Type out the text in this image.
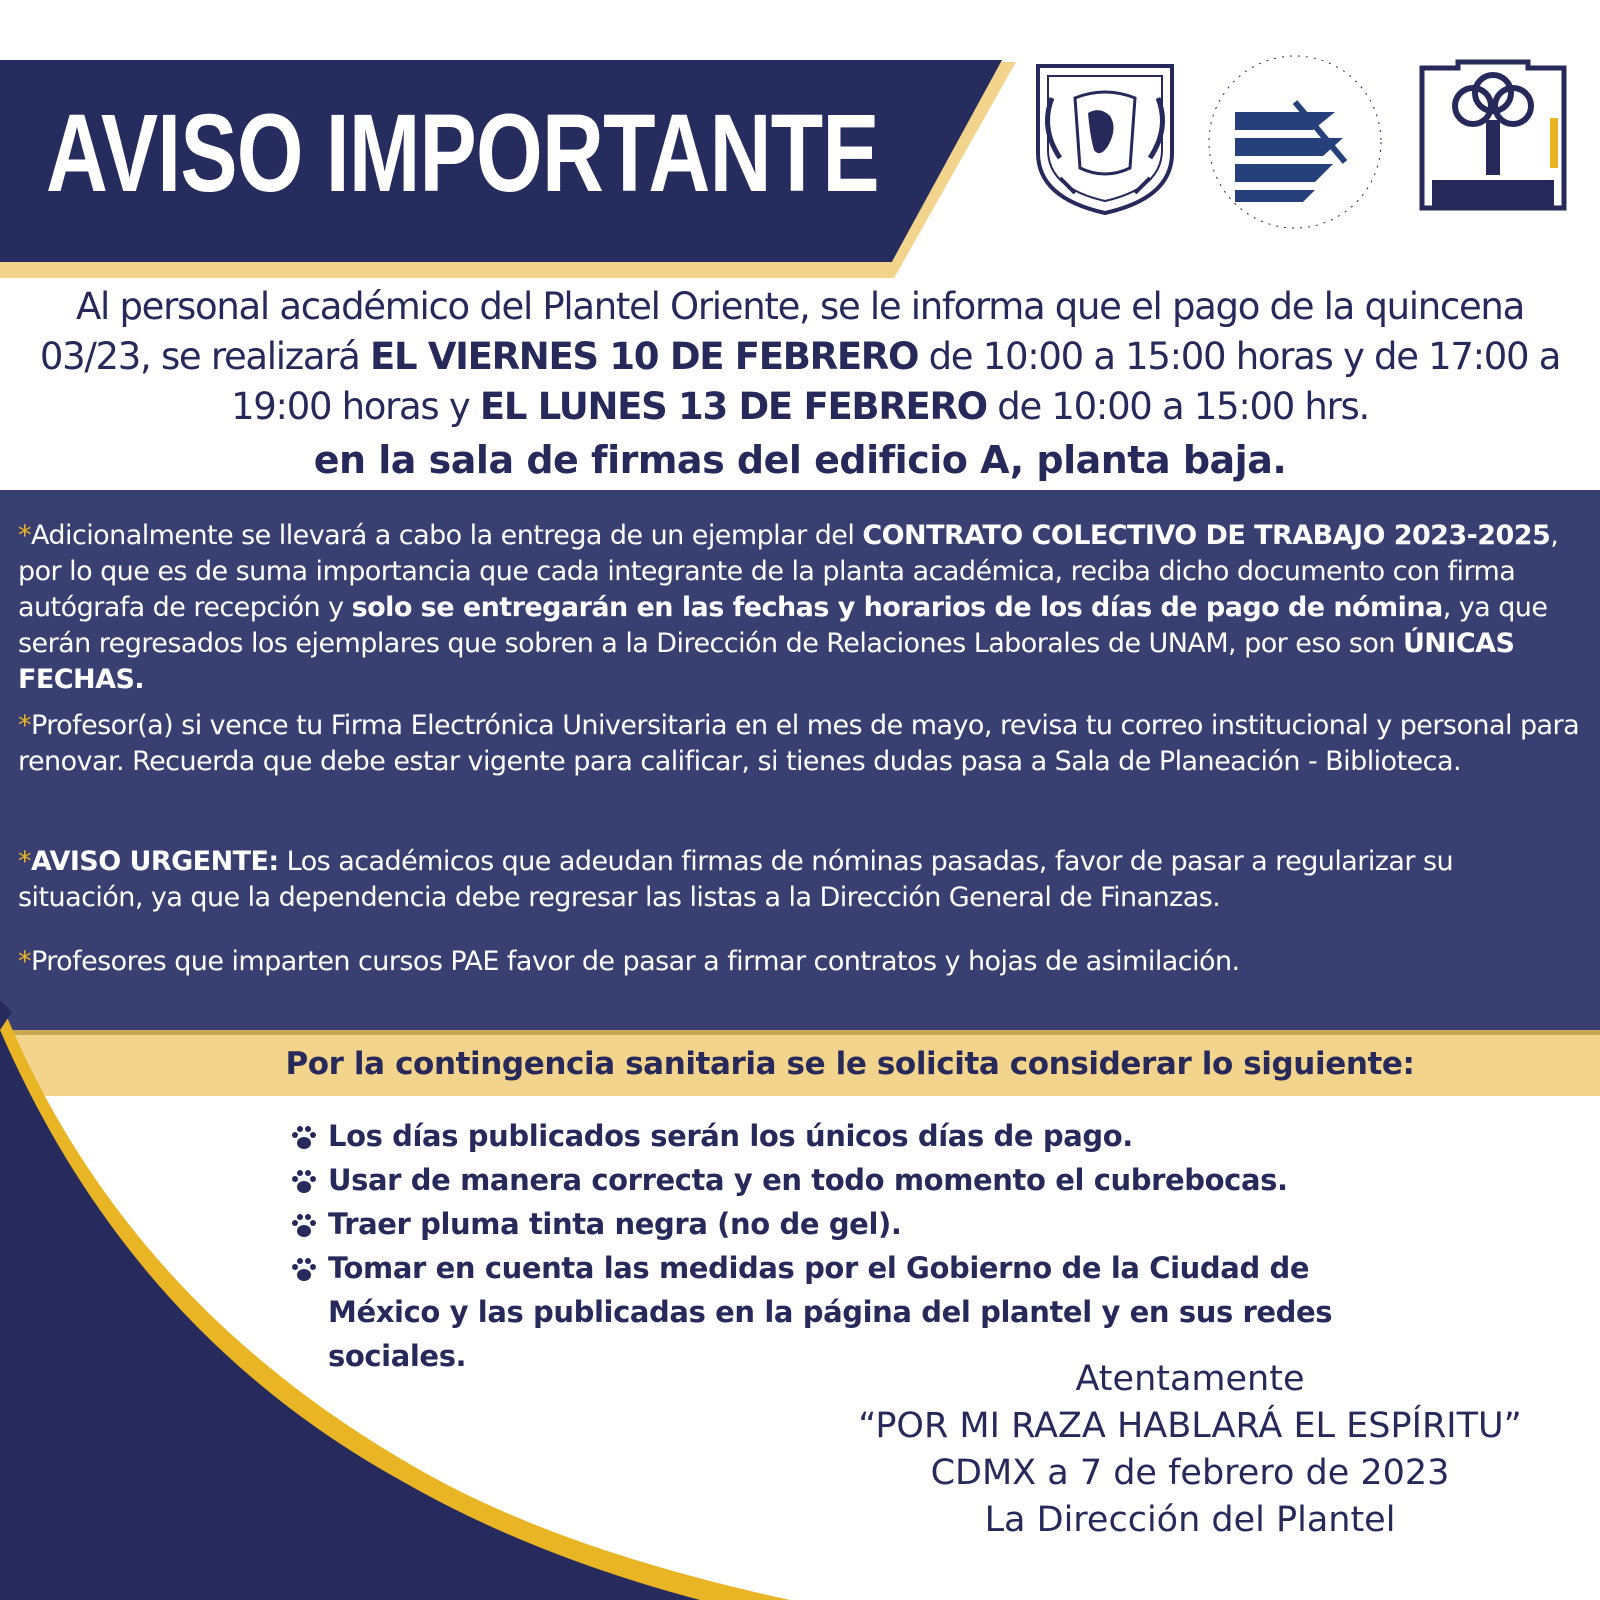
AVISO IMPORTANTE

Al personal académico del Plantel Oriente, se le informa que el pago de la quincena 03/23, se realizará EL VIERNES 10 DE FEBRERO de 10:00 a 15:00 horas y de 17:00 a 19:00 horas y EL LUNES 13 DE FEBRERO de 10:00 a 15:00 hrs.

en la sala de firmas del edificio A, planta baja.

*Adicionalmente se llevará a cabo la entrega de un ejemplar del CONTRATO COLECTIVO DE TRABAJO 2023-2025, por lo que es de suma importancia que cada integrante de la planta académica, reciba dicho documento con firma autógrafa de recepción y solo se entregarán en las fechas y horarios de los días de pago de nómina, ya que serán regresados los ejemplares que sobren a la Dirección de Relaciones Laborales de UNAM, por eso son ÚNICAS FECHAS.

*Profesor(a) si vence tu Firma Electrónica Universitaria en el mes de mayo, revisa tu correo institucional y personal para renovar. Recuerda que debe estar vigente para calificar, si tienes dudas pasa a Sala de Planeación - Biblioteca.

*AVISO URGENTE: Los académicos que adeudan firmas de nóminas pasadas, favor de pasar a regularizar su situación, ya que la dependencia debe regresar las listas a la Dirección General de Finanzas.

*Profesores que imparten cursos PAE favor de pasar a firmar contratos y hojas de asimilación.

Por la contingencia sanitaria se le solicita considerar lo siguiente:

Los días publicados serán los únicos días de pago.
Usar de manera correcta y en todo momento el cubrebocas.
Traer pluma tinta negra (no de gel).
Tomar en cuenta las medidas por el Gobierno de la Ciudad de México y las publicadas en la página del plantel y en sus redes sociales.
Atentamente
“POR MI RAZA HABLARÁ EL ESPÍRITU”
CDMX a 7 de febrero de 2023
La Dirección del Plantel
